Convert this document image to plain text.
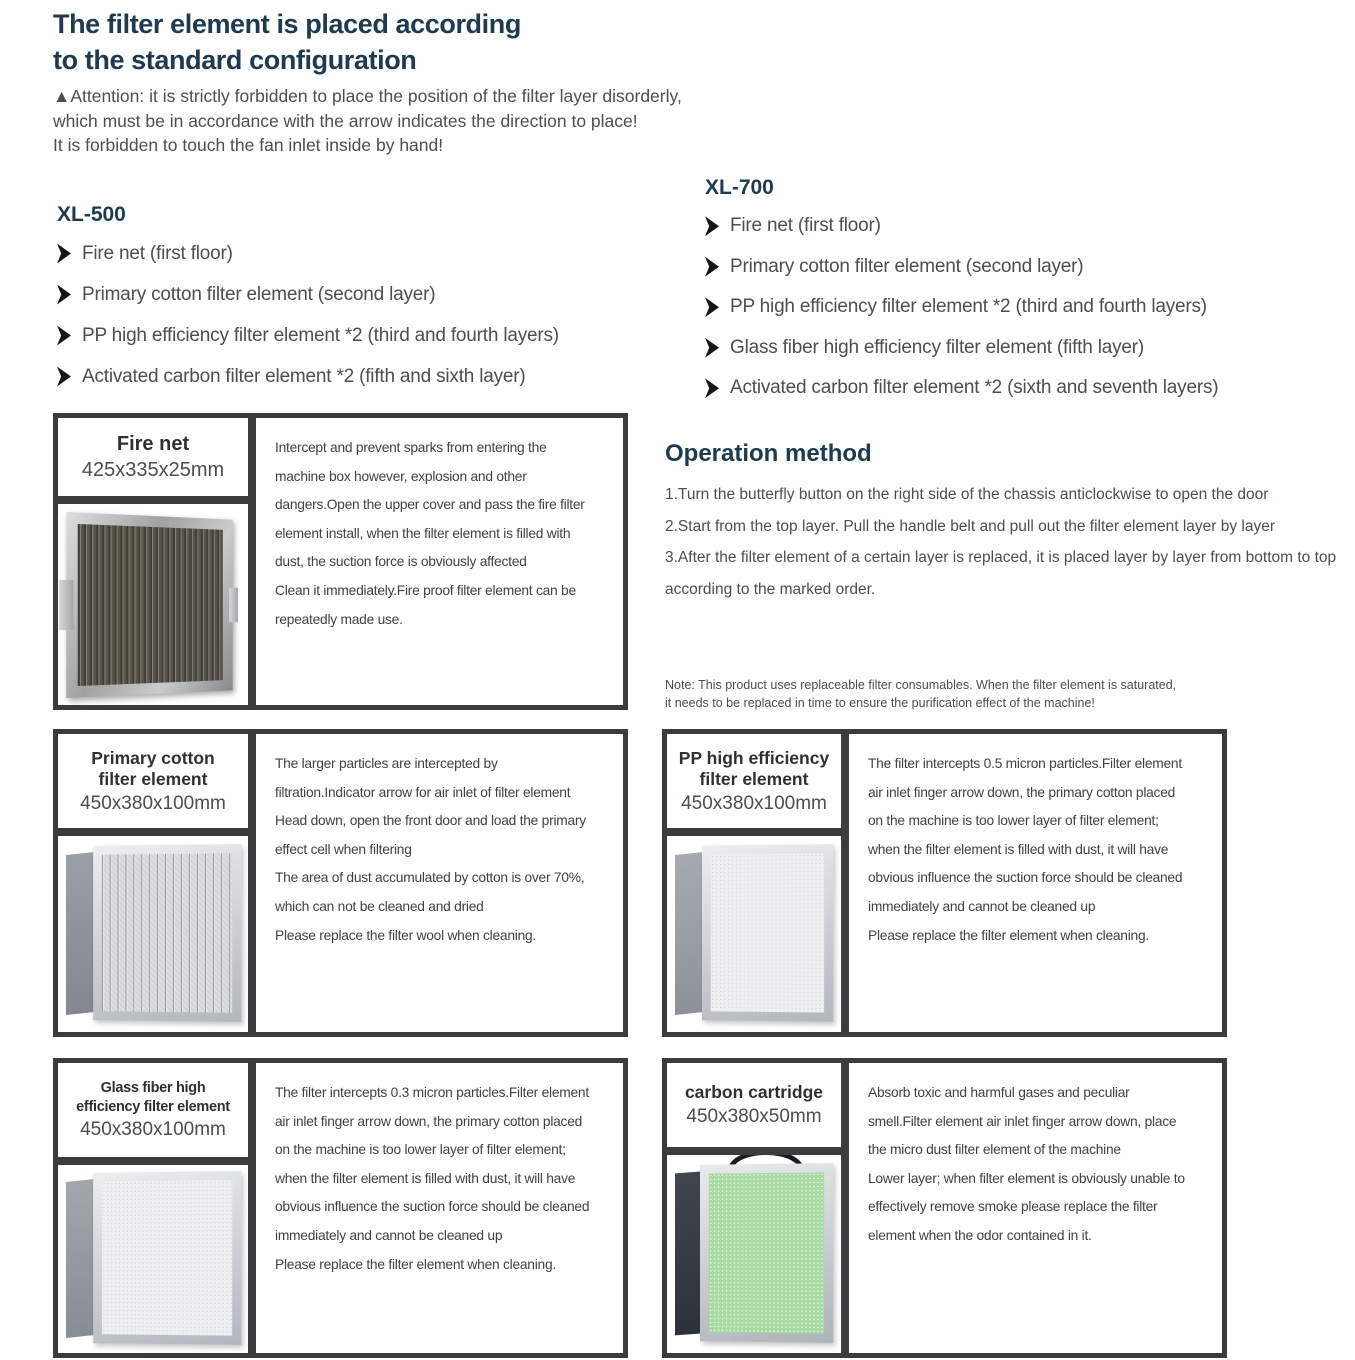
The filter element is placed according
to the standard configuration
▲Attention: it is strictly forbidden to place the position of the filter layer disorderly,
which must be in accordance with the arrow indicates the direction to place!
It is forbidden to touch the fan inlet inside by hand!
XL-500
Fire net (first floor)
Primary cotton filter element (second layer)
PP high efficiency filter element *2 (third and fourth layers)
Activated carbon filter element *2 (fifth and sixth layer)
XL-700
Fire net (first floor)
Primary cotton filter element (second layer)
PP high efficiency filter element *2 (third and fourth layers)
Glass fiber high efficiency filter element (fifth layer)
Activated carbon filter element *2 (sixth and seventh layers)
Operation method
1.Turn the butterfly button on the right side of the chassis anticlockwise to open the door
2.Start from the top layer. Pull the handle belt and pull out the filter element layer by layer
3.After the filter element of a certain layer is replaced, it is placed layer by layer from bottom to top according to the marked order.
Note: This product uses replaceable filter consumables. When the filter element is saturated,
it needs to be replaced in time to ensure the purification effect of the machine!
Fire net
425x335x25mm
Intercept and prevent sparks from entering the
machine box however, explosion and other
dangers.Open the upper cover and pass the fire filter
element install, when the filter element is filled with
dust, the suction force is obviously affected
Clean it immediately.Fire proof filter element can be
repeatedly made use.
Primary cotton
filter element
450x380x100mm
The larger particles are intercepted by
filtration.Indicator arrow for air inlet of filter element
Head down, open the front door and load the primary
effect cell when filtering
The area of dust accumulated by cotton is over 70%,
which can not be cleaned and dried
Please replace the filter wool when cleaning.
PP high efficiency
filter element
450x380x100mm
The filter intercepts 0.5 micron particles.Filter element
air inlet finger arrow down, the primary cotton placed
on the machine is too lower layer of filter element;
when the filter element is filled with dust, it will have
obvious influence the suction force should be cleaned
immediately and cannot be cleaned up
Please replace the filter element when cleaning.
Glass fiber high
efficiency filter element
450x380x100mm
The filter intercepts 0.3 micron particles.Filter element
air inlet finger arrow down, the primary cotton placed
on the machine is too lower layer of filter element;
when the filter element is filled with dust, it will have
obvious influence the suction force should be cleaned
immediately and cannot be cleaned up
Please replace the filter element when cleaning.
carbon cartridge
450x380x50mm
Absorb toxic and harmful gases and peculiar
smell.Filter element air inlet finger arrow down, place
the micro dust filter element of the machine
Lower layer; when filter element is obviously unable to
effectively remove smoke please replace the filter
element when the odor contained in it.
